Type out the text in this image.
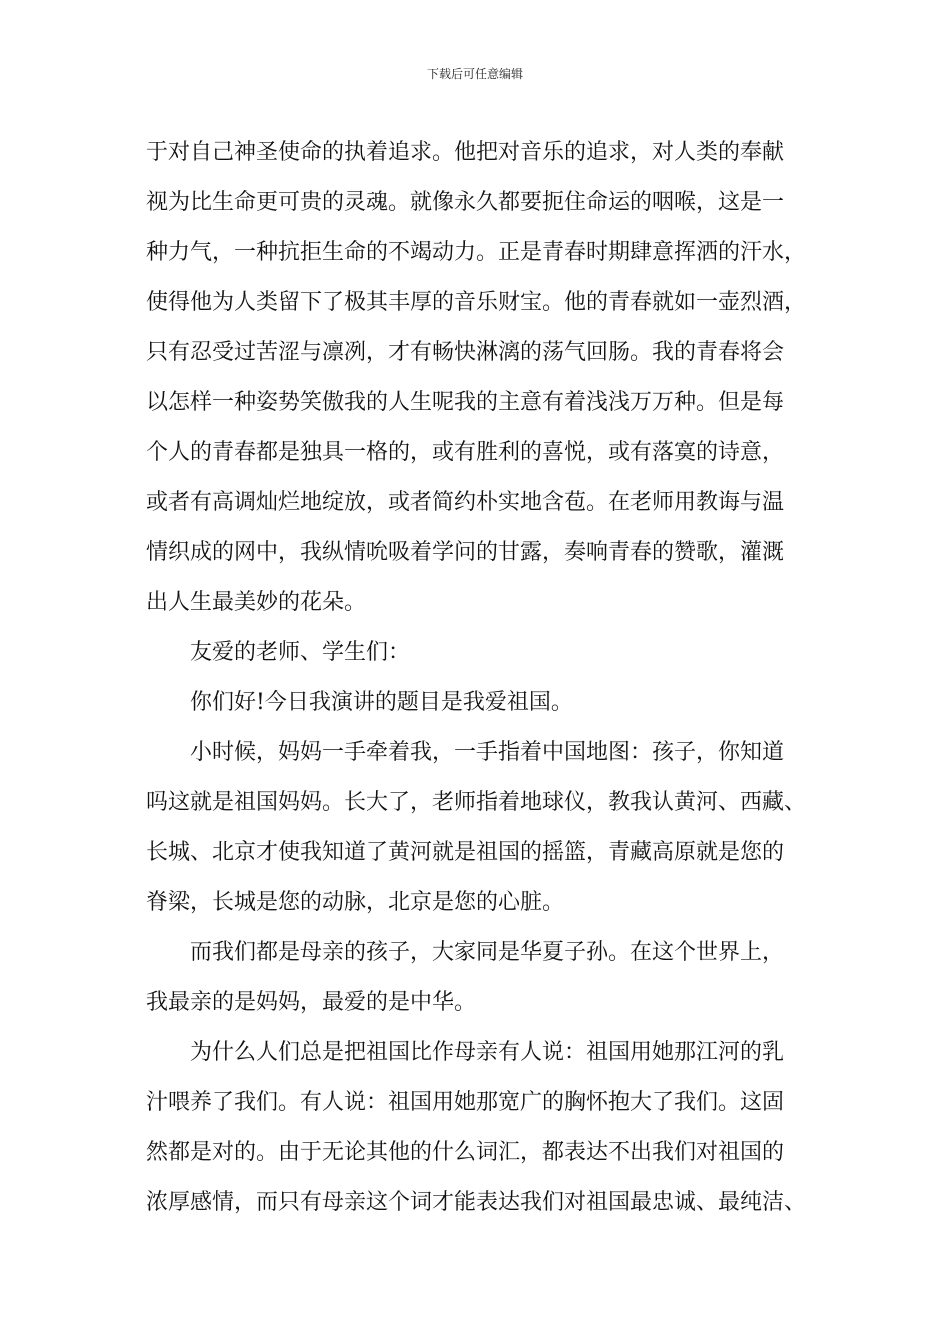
下载后可任意编辑
于对自己神圣使命的执着追求。他把对音乐的追求，对人类的奉献
视为比生命更可贵的灵魂。就像永久都要扼住命运的咽喉，这是一
种力气，一种抗拒生命的不竭动力。正是青春时期肆意挥洒的汗水，
使得他为人类留下了极其丰厚的音乐财宝。他的青春就如一壶烈酒，
只有忍受过苦涩与凛冽，才有畅快淋漓的荡气回肠。我的青春将会
以怎样一种姿势笑傲我的人生呢我的主意有着浅浅万万种。但是每
个人的青春都是独具一格的，或有胜利的喜悦，或有落寞的诗意，
或者有高调灿烂地绽放，或者简约朴实地含苞。在老师用教诲与温
情织成的网中，我纵情吮吸着学问的甘露，奏响青春的赞歌，灌溉
出人生最美妙的花朵。
友爱的老师、学生们：
你们好!今日我演讲的题目是我爱祖国。
小时候，妈妈一手牵着我，一手指着中国地图：孩子，你知道
吗这就是祖国妈妈。长大了，老师指着地球仪，教我认黄河、西藏、
长城、北京才使我知道了黄河就是祖国的摇篮，青藏高原就是您的
脊梁，长城是您的动脉，北京是您的心脏。
而我们都是母亲的孩子，大家同是华夏子孙。在这个世界上，
我最亲的是妈妈，最爱的是中华。
为什么人们总是把祖国比作母亲有人说：祖国用她那江河的乳
汁喂养了我们。有人说：祖国用她那宽广的胸怀抱大了我们。这固
然都是对的。由于无论其他的什么词汇，都表达不出我们对祖国的
浓厚感情，而只有母亲这个词才能表达我们对祖国最忠诚、最纯洁、
